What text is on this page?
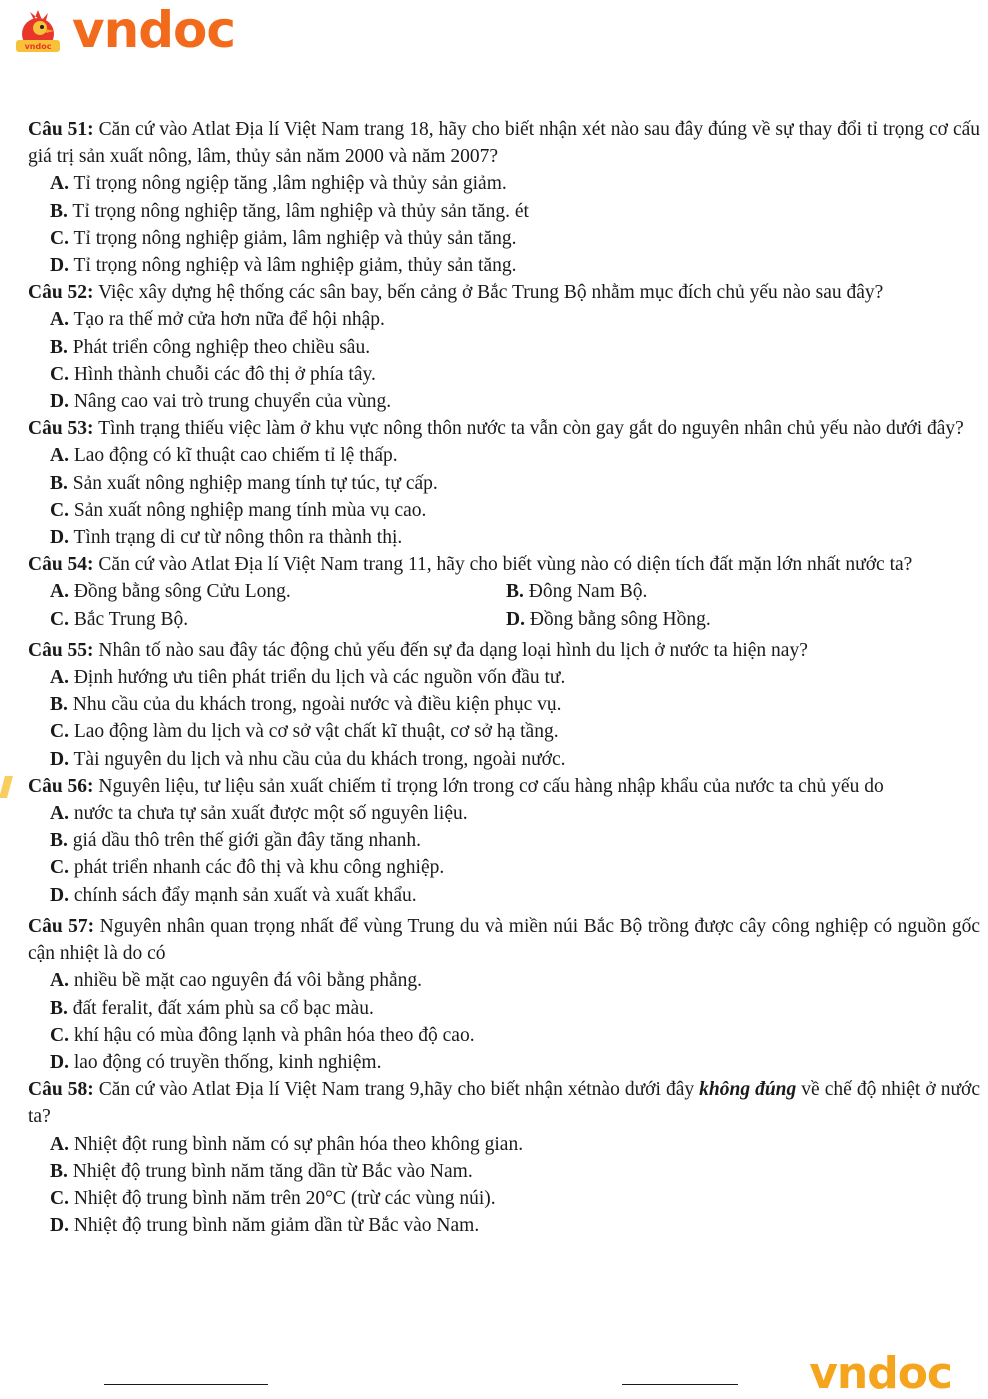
vndoc vndoc

Câu 51: Căn cứ vào Atlat Địa lí Việt Nam trang 18, hãy cho biết nhận xét nào sau đây đúng về sự thay đổi tỉ trọng cơ cấu giá trị sản xuất nông, lâm, thủy sản năm 2000 và năm 2007?

A. Tỉ trọng nông ngiệp tăng ,lâm nghiệp và thủy sản giảm.

B. Tỉ trọng nông nghiệp tăng, lâm nghiệp và thủy sản tăng. ét

C. Tỉ trọng nông nghiệp giảm, lâm nghiệp và thủy sản tăng.

D. Tỉ trọng nông nghiệp và lâm nghiệp giảm, thủy sản tăng.

Câu 52: Việc xây dựng hệ thống các sân bay, bến cảng ở Bắc Trung Bộ nhằm mục đích chủ yếu nào sau đây?

A. Tạo ra thế mở cửa hơn nữa để hội nhập.

B. Phát triển công nghiệp theo chiều sâu.

C. Hình thành chuỗi các đô thị ở phía tây.

D. Nâng cao vai trò trung chuyển của vùng.

Câu 53: Tình trạng thiếu việc làm ở khu vực nông thôn nước ta vẫn còn gay gắt do nguyên nhân chủ yếu nào dưới đây?

A. Lao động có kĩ thuật cao chiếm tỉ lệ thấp.

B. Sản xuất nông nghiệp mang tính tự túc, tự cấp.

C. Sản xuất nông nghiệp mang tính mùa vụ cao.

D. Tình trạng di cư từ nông thôn ra thành thị.

Câu 54: Căn cứ vào Atlat Địa lí Việt Nam trang 11, hãy cho biết vùng nào có diện tích đất mặn lớn nhất nước ta?

A. Đồng bằng sông Cửu Long.	B. Đông Nam Bộ.
C. Bắc Trung Bộ.	D. Đồng bằng sông Hồng.

Câu 55: Nhân tố nào sau đây tác động chủ yếu đến sự đa dạng loại hình du lịch ở nước ta hiện nay?

A. Định hướng ưu tiên phát triển du lịch và các nguồn vốn đầu tư.

B. Nhu cầu của du khách trong, ngoài nước và điều kiện phục vụ.

C. Lao động làm du lịch và cơ sở vật chất kĩ thuật, cơ sở hạ tầng.

D. Tài nguyên du lịch và nhu cầu của du khách trong, ngoài nước.

Câu 56: Nguyên liệu, tư liệu sản xuất chiếm tỉ trọng lớn trong cơ cấu hàng nhập khẩu của nước ta chủ yếu do

A. nước ta chưa tự sản xuất được một số nguyên liệu.

B. giá dầu thô trên thế giới gần đây tăng nhanh.

C. phát triển nhanh các đô thị và khu công nghiệp.

D. chính sách đẩy mạnh sản xuất và xuất khẩu.

Câu 57: Nguyên nhân quan trọng nhất để vùng Trung du và miền núi Bắc Bộ trồng được cây công nghiệp có nguồn gốc cận nhiệt là do có

A. nhiều bề mặt cao nguyên đá vôi bằng phẳng.

B. đất feralit, đất xám phù sa cổ bạc màu.

C. khí hậu có mùa đông lạnh và phân hóa theo độ cao.

D. lao động có truyền thống, kinh nghiệm.

Câu 58: Căn cứ vào Atlat Địa lí Việt Nam trang 9,hãy cho biết nhận xétnào dưới đây không đúng về chế độ nhiệt ở nước ta?

A. Nhiệt đột rung bình năm có sự phân hóa theo không gian.

B. Nhiệt độ trung bình năm tăng dần từ Bắc vào Nam.

C. Nhiệt độ trung bình năm trên 20°C (trừ các vùng núi).

D. Nhiệt độ trung bình năm giảm dần từ Bắc vào Nam.

vndoc
